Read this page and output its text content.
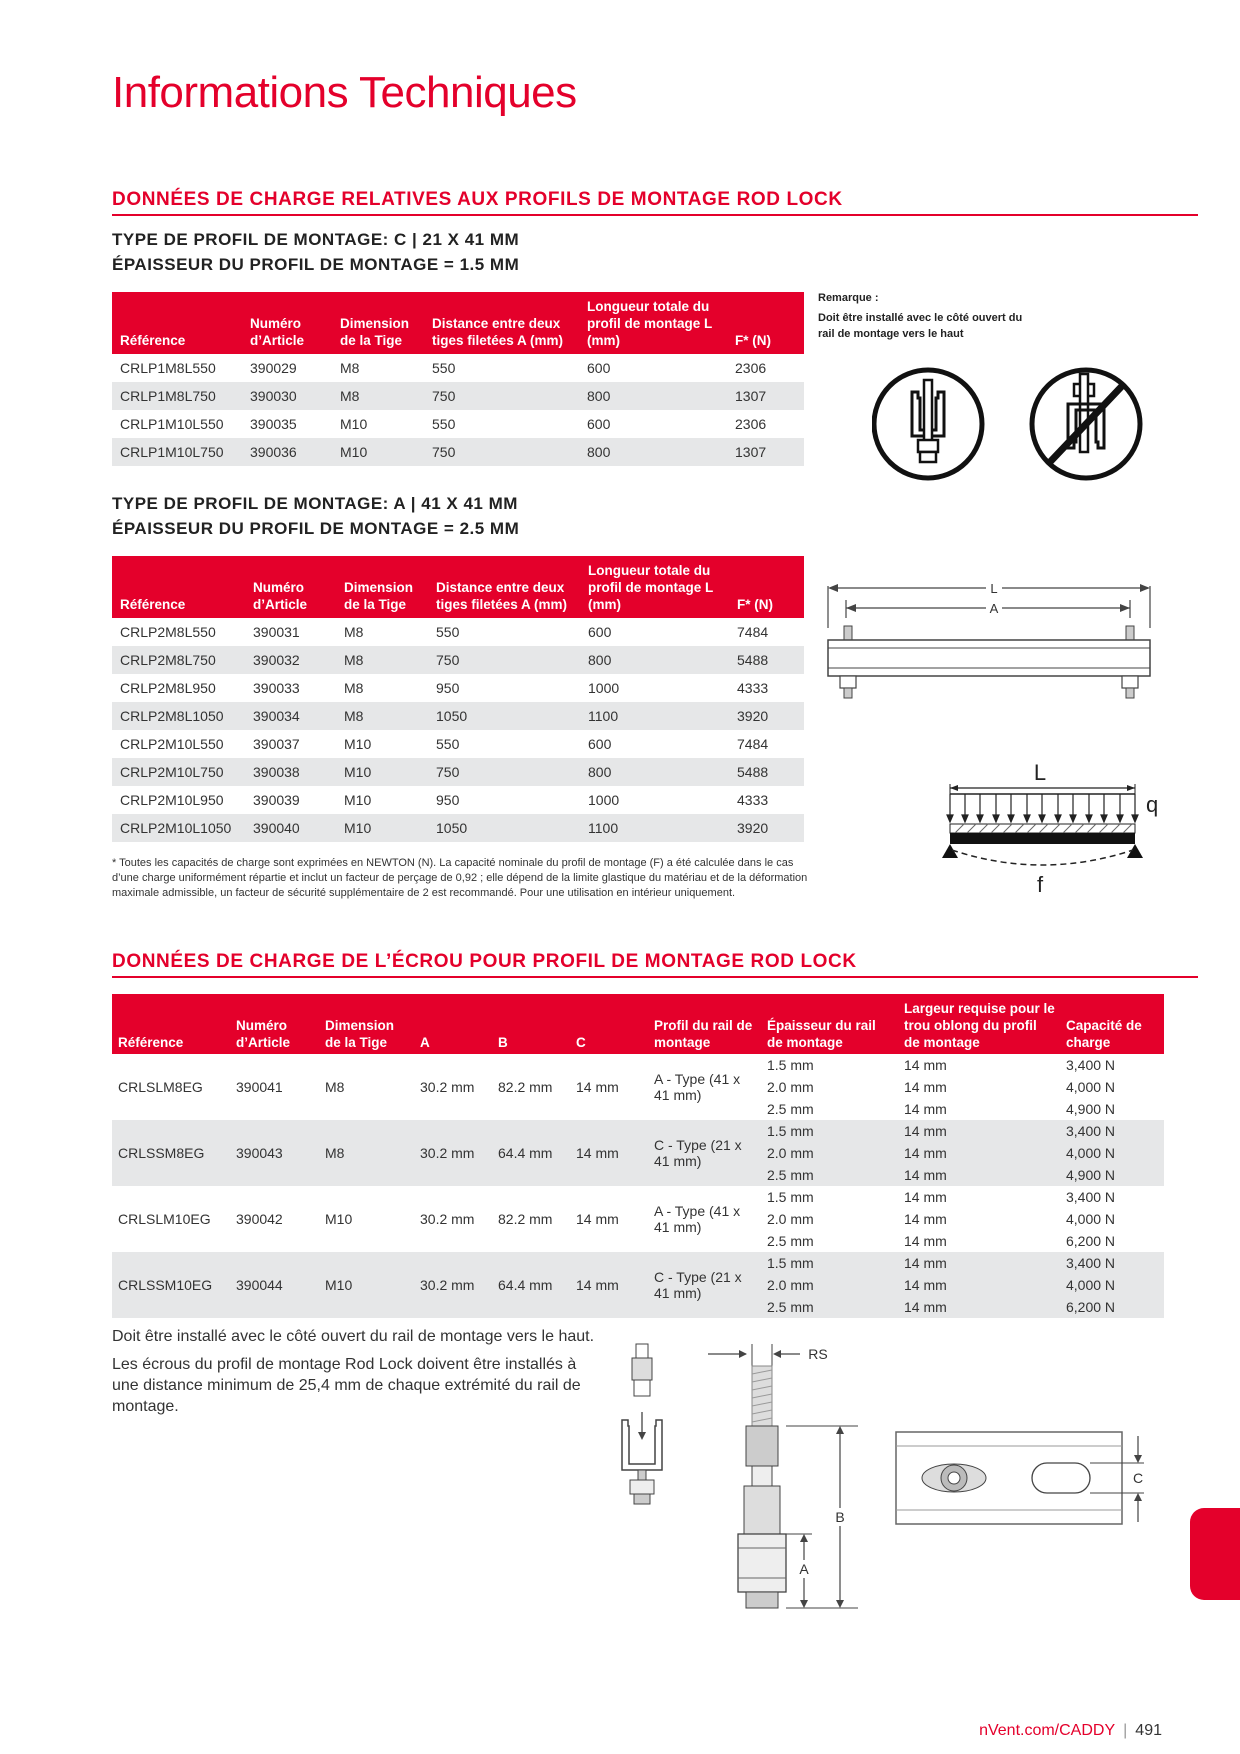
Informations Techniques
DONNÉES DE CHARGE RELATIVES AUX PROFILS DE MONTAGE ROD LOCK
TYPE DE PROFIL DE MONTAGE: C | 21 X 41 MM
ÉPAISSEUR DU PROFIL DE MONTAGE = 1.5 MM
Référence	Numéro d’Article	Dimension de la Tige	Distance entre deux tiges filetées A (mm)	Longueur totale du profil de montage L (mm)	F* (N)
CRLP1M8L550	390029	M8	550	600	2306
CRLP1M8L750	390030	M8	750	800	1307
CRLP1M10L550	390035	M10	550	600	2306
CRLP1M10L750	390036	M10	750	800	1307
Remarque :
Doit être installé avec le côté ouvert du rail de montage vers le haut
TYPE DE PROFIL DE MONTAGE: A | 41 X 41 MM
ÉPAISSEUR DU PROFIL DE MONTAGE = 2.5 MM
Référence	Numéro d’Article	Dimension de la Tige	Distance entre deux tiges filetées A (mm)	Longueur totale du profil de montage L (mm)	F* (N)
CRLP2M8L550	390031	M8	550	600	7484
CRLP2M8L750	390032	M8	750	800	5488
CRLP2M8L950	390033	M8	950	1000	4333
CRLP2M8L1050	390034	M8	1050	1100	3920
CRLP2M10L550	390037	M10	550	600	7484
CRLP2M10L750	390038	M10	750	800	5488
CRLP2M10L950	390039	M10	950	1000	4333
CRLP2M10L1050	390040	M10	1050	1100	3920
L
A
L
q
f
* Toutes les capacités de charge sont exprimées en NEWTON (N). La capacité nominale du profil de montage (F) a été calculée dans le cas d’une charge uniformément répartie et inclut un facteur de perçage de 0,92 ; elle dépend de la limite glastique du matériau et de la déformation maximale admissible, un facteur de sécurité supplémentaire de 2 est recommandé. Pour une utilisation en intérieur uniquement.
DONNÉES DE CHARGE DE L’ÉCROU POUR PROFIL DE MONTAGE ROD LOCK
Référence	Numéro d’Article	Dimension de la Tige	A	B	C	Profil du rail de montage	Épaisseur du rail de montage	Largeur requise pour le trou oblong du profil de montage	Capacité de charge
CRLSLM8EG	390041	M8	30.2 mm	82.2 mm	14 mm	A - Type (41 x 41 mm)	1.5 mm	14 mm	3,400 N
							2.0 mm	14 mm	4,000 N
							2.5 mm	14 mm	4,900 N
CRLSSM8EG	390043	M8	30.2 mm	64.4 mm	14 mm	C - Type (21 x 41 mm)	1.5 mm	14 mm	3,400 N
							2.0 mm	14 mm	4,000 N
							2.5 mm	14 mm	4,900 N
CRLSLM10EG	390042	M10	30.2 mm	82.2 mm	14 mm	A - Type (41 x 41 mm)	1.5 mm	14 mm	3,400 N
							2.0 mm	14 mm	4,000 N
							2.5 mm	14 mm	6,200 N
CRLSSM10EG	390044	M10	30.2 mm	64.4 mm	14 mm	C - Type (21 x 41 mm)	1.5 mm	14 mm	3,400 N
							2.0 mm	14 mm	4,000 N
							2.5 mm	14 mm	6,200 N
Doit être installé avec le côté ouvert du rail de montage vers le haut.
Les écrous du profil de montage Rod Lock doivent être installés à une distance minimum de 25,4 mm de chaque extrémité du rail de montage.
RS
B
A
C
nVent.com/CADDY | 491
